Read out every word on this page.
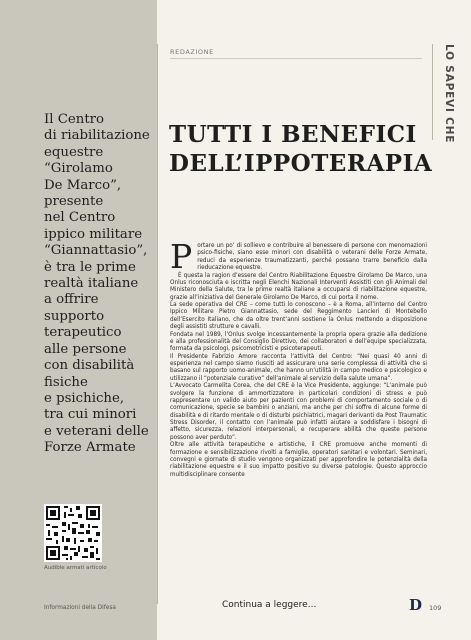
Il Centro
di riabilitazione
equestre
“Girolamo
De Marco”,
presente
nel Centro
ippico militare
“Giannattasio”,
è tra le prime
realtà italiane
a offrire
supporto
terapeutico
alle persone
con disabilità
fisiche
e psichiche,
tra cui minori
e veterani delle
Forze Armate
Audible armati articolo
Informazioni della Difesa
REDAZIONE
TUTTI I BENEFICI
DELL’IPPOTERAPIA
P ortare un po’ di sollievo e contribuire al benessere di persone con menomazioni psico-fisiche, siano esse minori con disabilità o veterani delle Forze Armate, reduci da esperienze traumatizzanti, perché possano trarre beneficio dalla rieducazione equestre.

È questa la ragion d’essere del Centro Riabilitazione Equestre Girolamo De Marco, una Onlus riconosciuta e iscritta negli Elenchi Nazionali Interventi Assistiti con gli Animali del Ministero della Salute, tra le prime realtà italiane a occuparsi di riabilitazione equestre, grazie all’iniziativa del Generale Girolamo De Marco, di cui porta il nome.

La sede operativa del CRE – come tutti lo conoscono – è a Roma, all’interno del Centro Ippico Militare Pietro Giannattasio, sede del Reggimento Lancieri di Montebello dell’Esercito Italiano, che da oltre trent’anni sostiene la Onlus mettendo a disposizione degli assistiti strutture e cavalli.

Fondata nel 1989, l’Onlus svolge incessantemente la propria opera grazie alla dedizione e alla professionalità del Consiglio Direttivo, dei collaboratori e dell’equipe specializzata, formata da psicologi, psicomotricisti e psicoterapeuti.

Il Presidente Fabrizio Amore racconta l’attività del Centro: “Nei quasi 40 anni di esperienza nel campo siamo riusciti ad assicurare una serie complessa di attività che si basano sul rapporto uomo-animale, che hanno un’utilità in campo medico e psicologico e utilizzano il “potenziale curativo” dell’animale al servizio della salute umana”.

L’Avvocato Carmelita Corea, che del CRE è la Vice Presidente, aggiunge: “L’animale può svolgere la funzione di ammortizzatore in particolari condizioni di stress e può rappresentare un valido aiuto per pazienti con problemi di comportamento sociale o di comunicazione, specie se bambini o anziani, ma anche per chi soffre di alcune forme di disabilità e di ritardo mentale o di disturbi psichiatrici, magari derivanti da Post Traumatic Stress Disorder, il contatto con l’animale può infatti aiutare a soddisfare i bisogni di affetto, sicurezza, relazioni interpersonali, e recuperare abilità che queste persone possono aver perduto”.

Oltre alle attività terapeutiche e artistiche, il CRE promuove anche momenti di formazione e sensibilizzazione rivolti a famiglie, operatori sanitari e volontari. Seminari, convegni e giornate di studio vengono organizzati per approfondire le potenzialità della riabilitazione equestre e il suo impatto positivo su diverse patologie. Questo approccio multidisciplinare consente

LO SAPEVI CHE
Continua a leggere...	D 109
